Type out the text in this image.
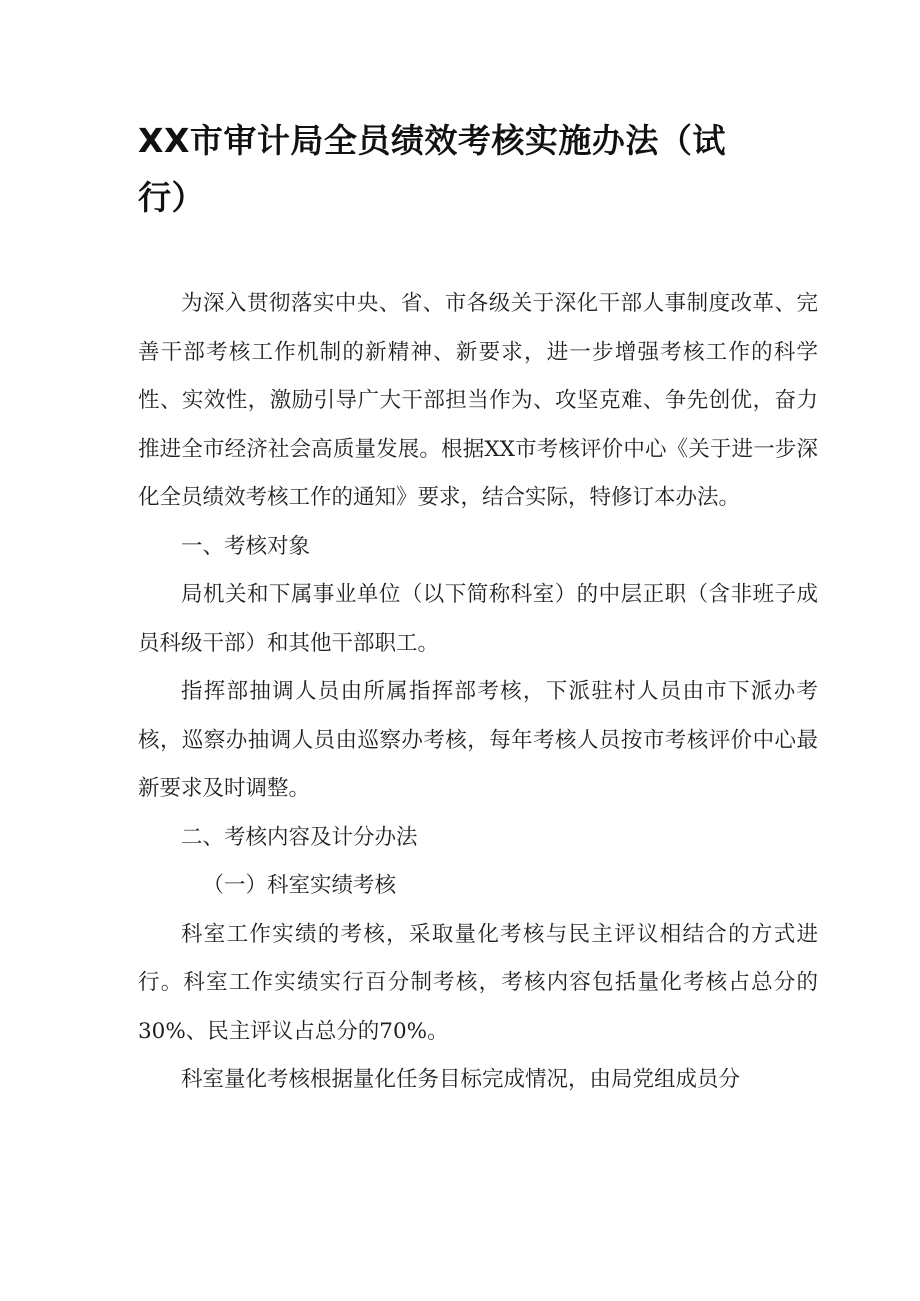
XX市审计局全员绩效考核实施办法（试行）

为深入贯彻落实中央、省、市各级关于深化干部人事制度改革、完善干部考核工作机制的新精神、新要求，进一步增强考核工作的科学性、实效性，激励引导广大干部担当作为、攻坚克难、争先创优，奋力推进全市经济社会高质量发展。根据XX市考核评价中心《关于进一步深化全员绩效考核工作的通知》要求，结合实际，特修订本办法。

一、考核对象

局机关和下属事业单位（以下简称科室）的中层正职（含非班子成员科级干部）和其他干部职工。

指挥部抽调人员由所属指挥部考核，下派驻村人员由市下派办考核，巡察办抽调人员由巡察办考核，每年考核人员按市考核评价中心最新要求及时调整。

二、考核内容及计分办法

（一）科室实绩考核

科室工作实绩的考核，采取量化考核与民主评议相结合的方式进行。科室工作实绩实行百分制考核，考核内容包括量化考核占总分的30%、民主评议占总分的70%。

科室量化考核根据量化任务目标完成情况，由局党组成员分
